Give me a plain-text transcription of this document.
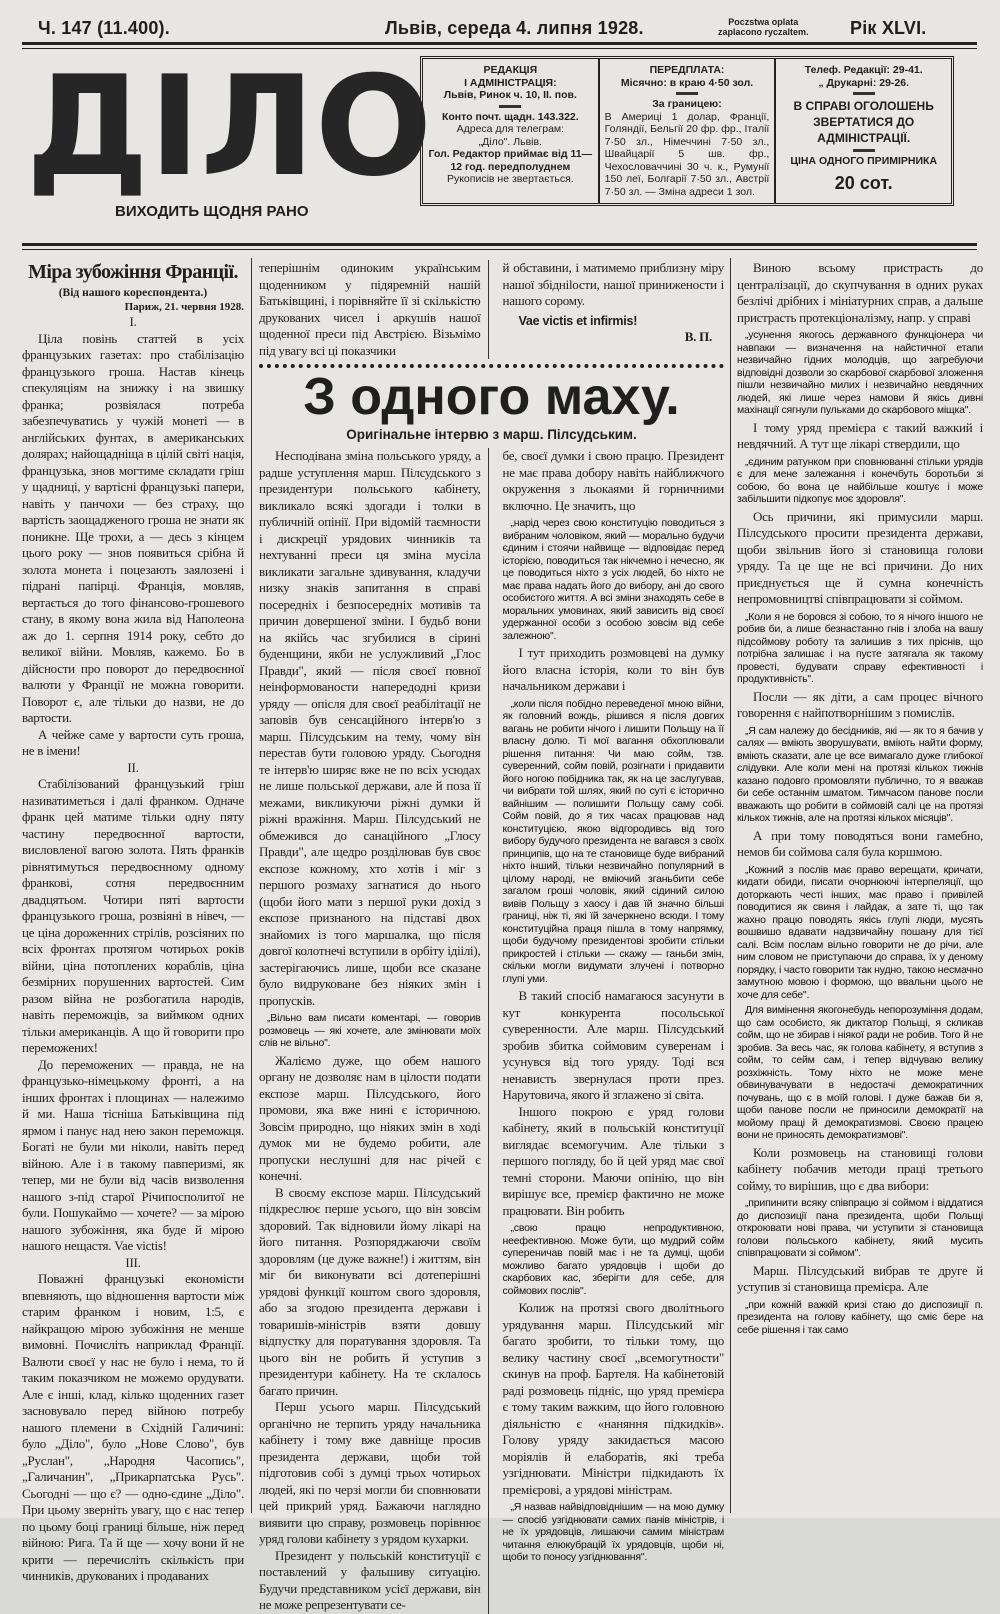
Ч. 147 (11.400).	Львів, середа 4. липня 1928.	Poczstwa oplata
zaplacono ryczaltem. Рік XLVI.
ДІЛО
ВИХОДИТЬ ЩОДНЯ РАНО
РЕДАКЦІЯ
І АДМІНІСТРАЦІЯ:
Львів, Ринок ч. 10, II. пов.
Конто почт. щадн. 143.322.
Адреса для телеграм:
„Діло". Львів.
Гол. Редактор приймає від 11—12 год. передполуднем
Рукописів не звертається.
ПЕРЕДПЛАТА:
Місячно: в краю 4·50 зол.
За границею:
В Америці 1 долар, Франції, Голяндії, Бельгії 20 фр. фр., Італії 7·50 зл., Німеччині 7·50 зл., Швайцарії 5 шв. фр., Чехословаччині 30 ч. к., Румунії 150 леї, Болгарії 7·50 зл., Австрії 7·50 зл. — Зміна адреси 1 зол.
Телеф. Редакції: 29-41.
„ Друкарні: 29-26.
В СПРАВІ ОГОЛОШЕНЬ ЗВЕРТАТИСЯ ДО АДМІНІСТРАЦІЇ.
ЦІНА ОДНОГО ПРИМІРНИКА
20 сот.
Міра зубожіння Франції.
(Від нашого кореспондента.)
Париж, 21. червня 1928.

I.

Ціла повінь статтей в усіх французьких газетах: про стабілізацію французького гроша. Настав кінець спекуляціям на знижку і на звишку франка; розвіялася потреба забезпечуватись у чужій монеті — в англійських фунтах, в американських долярах; найощадніща в цілій світі нація, французька, знов могтиме складати гріш у щадниці, у вартісні французькі папери, навіть у панчохи — без страху, що вартість заощадженого гроша не знати як поникне. Ще трохи, а — десь з кінцем цього року — знов появиться срібна й золота монета і поцезають заялозені і підрані папірці. Франція, мовляв, вертається до того фінансово-грошевого стану, в якому вона жила від Наполеона аж до 1. серпня 1914 року, себто до великої війни. Мовляв, кажемо. Бо в дійсности про поворот до передвоєнної валюти у Франції не можна говорити. Поворот є, але тільки до назви, не до вартости.

А чейже саме у вартости суть гроша, не в імени!

II.

Стабілізований французький гріш називатиметься і далі франком. Одначе франк цей матиме тільки одну пяту частину передвоєнної вартости, висловленої вагою золота. Пять франків рівнятимуться передвоєнному одному франкові, сотня передвоєнним двадцятьом. Чотири пяті вартости французького гроша, розвіяні в нівеч, — це ціна дороженних стрілів, розсіяних по всіх фронтах протягом чотирьох років війни, ціна потоплених кораблів, ціна безмірних порушенних вартостей. Сим разом війна не розбогатила народів, навіть переможців, за виймком одних тільки американців. А що й говорити про переможених!

До переможених — правда, не на французько-німецькому фронті, а на інших фронтах і площинах — належимо й ми. Наша тісніша Батьківщина під ярмом і панує над нею закон переможця. Богаті не були ми ніколи, навіть перед війною. Але і в такому павперизмі, як тепер, ми не були від часів визволення нашого з-під старої Річипосполитої не були. Пошукаймо — хочете? — за мірою нашого зубожіння, яка буде й мірою нашого нещастя. Vae victis!

III.

Поважні французькі економісти впевняють, що відношення вартости між старим франком і новим, 1:5, є найкращою мірою зубожіння не менше вимовні. Почисліть наприклад Франції. Валюти своєї у нас не було і нема, то й таким показчиком не можемо орудувати. Але є інші, клад, кілько щоденних газет засновувало перед війною потребу нашого племени в Східній Галичині: було „Діло", було „Нове Слово", був „Руслан", „Народня Часопись", „Галичанин", „Прикарпатська Русь". Сьогодні — що є? — одно-єдине „Діло". При цьому зверніть увагу, що є нас тепер по цьому боці границі більше, ніж перед війною: Рига. Та й ще — хочу вони й не крити — перечисліть скількість при чинників, друкованих і продаваних

теперішнім одиноким українським щоденником у підяремній нашій Батьківщині, і порівняйте її зі скількістю друкованих чисел і аркушів нашої щоденної преси під Австрією. Візьмімо під увагу всі ці показчики

й обставини, і матимемо приблизну міру нашої збідніlости, нашої принижености і нашого сорому.

Vae victis et infirmis!

В. П.

З одного маху.
Оригінальне інтервю з марш. Пілсудським.

Несподівана зміна польського уряду, а радше уступлення марш. Пілсудського з президентури польського кабінету, викликало всякі здогади і толки в публичній опінії. При відомій таємности і дискреції урядових чинників та нехтуванні преси ця зміна мусіла викликати загальне здивування, кладучи низку знаків запитання в справі посередніх і безпосередніх мотивів та причин довершеної зміни. І будьб вони на якійсь час згубилися в сірині буденщини, якби не услужливий „Глос Правди", який — після своєї повної неінформованости напередодні кризи уряду — опісля для своєї реабілітації не заповів був сенсаційного інтерв'ю з марш. Пілсудським на тему, чому він перестав бути головою уряду. Сьогодня те інтерв'ю ширяє вже не по всіх усюдах не лише польської держави, але й поза її межами, викликуючи ріжні думки й ріжні вражіння. Марш. Пілсудський не обмежився до санаційного „Глосу Правди", але щедро розділював був своє експозе кожному, хто хотів і міг з першого розмаху загнатися до нього (щоби його мати з першої руки дохід з експозе признаного на підставі двох знайомих із того маршалка, що після довгої колотнечі вступили в орбіту ідіілі), застерігаючись лише, щоби все сказане було видруковане без ніяких змін і пропусків.

„Вільно вам писати коментарі, — говорив розмовець — які хочете, але змінювати моїх слів не вільно".

Жаліємо дуже, що обем нашого органу не дозволяє нам в цілости подати експозе марш. Пілсудського, його промови, яка вже нині є історичною. Зовсім природно, що ніяких змін в ході думок ми не будемо робити, але пропуски неслушні для нас річей є конечні.

В своєму експозе марш. Пілсудський підкреслює перше усього, що він зовсім здоровий. Так відновили йому лікарі на його питання. Розпоряджаючи своїм здоровлям (це дуже важне!) і життям, він міг би виконувати всі дотеперішні урядові функції коштом свого здоровля, або за згодою президента держави і товаришів-міністрів взяти довшу відпустку для поратування здоровля. Та цього він не робить й уступив з президентури кабінету. На те склалось багато причин.

Перш усього марш. Пілсудський органічно не терпить уряду начальника кабінету і тому вже давніще просив президента держави, щоби той підготовив собі з думці трьох чотирьох людей, які по черзі могли би сповнювати цей прикрий уряд. Бажаючи наглядно виявити цю справу, розмовець порівнює уряд голови кабінету з урядом кухарки.

Президент у польській конституції є поставлений у фальшиву ситуацію. Будучи представником усієї держави, він не може репрезентувати се-

бе, своєї думки і свою працю. Президент не має права добору навіть найближчого окруження з льокаями й горничними включно. Це значить, що

„нарід через свою конституцію поводиться з вибраним чоловіком, який — морально будучи єдиним і стоячи найвище — відповідає перед історією, поводиться так нікчемно і нечесно, як це поводиться ніхто з усіх людей, бо ніхто не має права надать його до вибору, ані до свого особистого життя. А всі зміни знаходять себе в моральних умовинах, який зависить від своєї удержанної особи з особою зовсім від себе залежною".

І тут приходить розмовцеві на думку його власна історія, коли то він був начальником держави і

„коли після побідно переведеної мною війни, як головний вождь, рішився я після довгих вагань не робити нічого і лишити Польщу на її власну долю. Ті мої вагання обхоплювали рішення питання: Чи маю сойм, тзв. суверенний, сойм повій, розігнати і придавити його ногою побідника так, як на це заслугував, чи вибрати той шлях, який по суті є історично вайнішим — полишити Польщу саму собі. Сойм повій, до я тих часах працював над конституцією, якою відгородивсь від того вибору будучого президента не вагався з своїх принципів, що на те становище буде вибраний ніхто інший, тільки незвичайно популярний в цілому народі, не вміючий зганьбити себе загалом гроші чоловік, який сідиний силою вивів Польщу з хаосу і дав їй значно більші границі, ніж ті, які їй зачеркнено всюди. І тому конституційна праця пішла в тому напрямку, щоби будучому президентові зробити стільки прикростей і стільки — скажу — ганьби змін, скільки могли видумати злучені і потворно глупі уми.

В такий спосіб намагаюся засунути в кут конкурента посольської суверенности. Але марш. Пілсудський зробив збитка соймовим суверенам і усунувся від того уряду. Тоді вся ненависть звернулася проти през. Нарутовича, якого й зглажено зі світа.

Іншого покрою є уряд голови кабінету, який в польській конституції виглядає всемогучим. Але тільки з першого погляду, бо й цей уряд має свої темні сторони. Маючи опінію, що він вирішує все, премієр фактично не може працювати. Він робить

„свою працю непродуктивною, неефективною. Може бути, що мудрий сойм супереничав повій має і не та думці, щоби можливо багато урядовців і щоби до скарбових кас, зберігти для себе, для соймових послів".

Колиж на протязі свого дволітнього урядування марш. Пілсудський міг багато зробити, то тільки тому, що велику частину своєї „всемогутности" скинув на проф. Бартеля. На кабінетовій раді розмовець підніс, що уряд премієра є тому таким важким, що його головною діяльністю є «наняння підкидків». Голову уряду закидається масою моріялів й елаборатів, які треба узгіднювати. Міністри підкидають їх премієрові, а урядові міністрам.

„Я назвав найвідповіднішим — на мою думку — спосіб узгіднювати самих панів міністрів, і не їх урядовців, лишаючи самим міністрам читання елюкубрацій їх урядовців, щоби ні, щоби то поносу узгіднювання".

Виною всьому пристрасть до централізації, до скупчування в одних руках безлічі дрібних і мініатурних справ, а дальше пристрасть протекціоналізму, напр. у справі

„усунення якогось державного функціонера чи навпаки — визначення на найстичної етапи незвичайно гідних молодців, що загребуючи відповідні дозволи зо скарбової скарбової зложення пішли незвичайно милих і незвичайно невдячних людей, які лише через намови й якісь дивні махінації сягнули пульками до скарбового міщка".

І тому уряд премієра є такий важкий і невдячний. А тут ще лікарі ствердили, що

„єдиним ратунком при сповнюванні стільки урядів є для мене залежання і конечбуть боротьби зі собою, бо вона це найбільше коштує і може забільшити підкопує моє здоровля".

Ось причини, які примусили марш. Пілсудського просити президента держави, щоби звільнив його зі становища голови уряду. Та це ще не всі причини. До них приєднується ще й сумна конечність непромовництві співпрацювати зі соймом.

„Коли я не боровся зі собою, то я нічого іншого не робив би, а лише безнастанно гнів і злоба на вашу підсоймову роботу та залишив з тих пріснів, що потрібна залишає і на пусте затягала як такому провесті, будувати справу ефективності і продуктивність".

Посли — як діти, а сам процес вічного говорення є найпотворнішим з помислів.

„Я сам належу до бесідників, які — як то я бачив у салях — вміють зворушувати, вміють найти форму, вміють сказати, але це все вимагало дуже глибокої слідувки. Але коли мені на протязі кількох тижнів казано подовго промовляти публично, то я вважав би себе останнім шматом. Тимчасом панове посли вважають що робити в соймовій салі це на протязі кількох тижнів, але на протязі кількох місяців".

А при тому поводяться вони гамебно, немов би соймова саля була коршмою.

„Кожний з послів має право верещати, кричати, кидати обиди, писати очорнюючі інтерпеляції, що доторкають честі інших, має право і привілей поводитися як свиня і лайдак, а зате ті, що так жахно працю поводять якісь глупі люди, мусять вошвишо вдавати надзвичайну пошану для тієї салі. Всім послам вільно говорити не до річи, але ним словом не приступаючи до справа, їх у деному порядку, і часто говорити так нудно, такою несмачно замутною мовою і формою, що ввальни цього не хоче для себе".

Для вимінення якогонебудь непорозуміння додам, що сам особисто, як диктатор Польщі, я скликав сойм, що не збирав і ніякої ради не робив. Того й не зробив. За весь час, як голова кабінету, я вступив з сойм, то сейм сам, і тепер відчуваю велику розхіжність. Тому ніхто не може мене обвинувачувати в недостачі демократичних почувань, що є в моїй голові. І дуже бажав би я, щоби панове посли не приносили демократії на мойому праці й демократизмові. Своєю працею вони не приносять демократизмові".

Коли розмовець на становищі голови кабінету побачив методи праці третього сойму, то вирішив, що є два вибори:

„припинити всяку співпрацю зі соймом і віддатися до диспозиції пана президента, щоби Польщі откроювати нові права, чи уступити зі становища голови польського кабінету, який мусить співпрацювати зі соймом".

Марш. Пілсудський вибрав те друге й уступив зі становища премієра. Але

„при кожній важкій кризі стаю до диспозиції п. президента на голову кабінету, що сміє бере на себе рішення і так само
